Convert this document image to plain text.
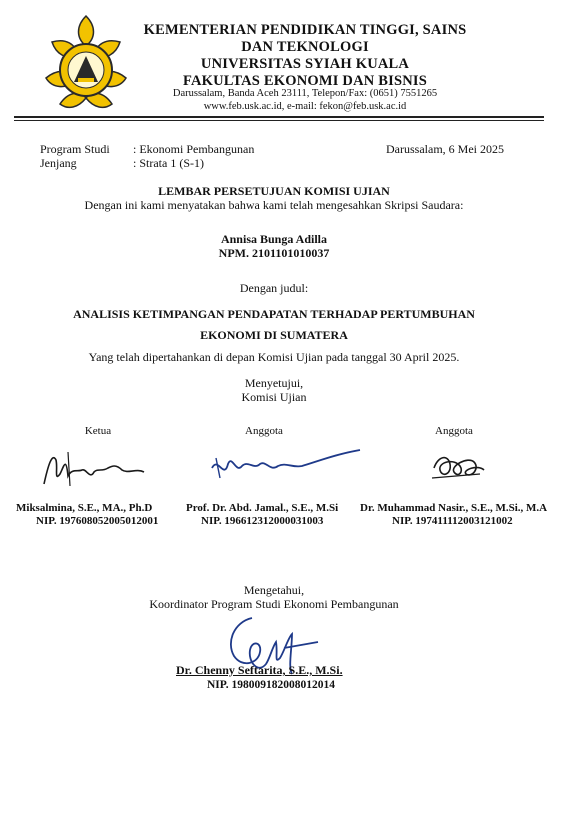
KEMENTERIAN PENDIDIKAN TINGGI, SAINS
DAN TEKNOLOGI
UNIVERSITAS SYIAH KUALA
FAKULTAS EKONOMI DAN BISNIS
Darussalam, Banda Aceh 23111, Telepon/Fax: (0651) 7551265
www.feb.usk.ac.id, e-mail: fekon@feb.usk.ac.id
Program Studi : Ekonomi Pembangunan
Jenjang	: Strata 1 (S-1)
Darussalam, 6 Mei 2025
LEMBAR PERSETUJUAN KOMISI UJIAN
Dengan ini kami menyatakan bahwa kami telah mengesahkan Skripsi Saudara:
Annisa Bunga Adilla
NPM. 2101101010037
Dengan judul:
ANALISIS KETIMPANGAN PENDAPATAN TERHADAP PERTUMBUHAN
EKONOMI DI SUMATERA
Yang telah dipertahankan di depan Komisi Ujian pada tanggal 30 April 2025.
Menyetujui,
Komisi Ujian
Ketua	Anggota	Anggota
Miksalmina, S.E., MA., Ph.D
NIP. 197608052005012001
Prof. Dr. Abd. Jamal., S.E., M.Si
NIP. 196612312000031003
Dr. Muhammad Nasir., S.E., M.Si., M.A
NIP. 197411112003121002
Mengetahui,
Koordinator Program Studi Ekonomi Pembangunan
Dr. Chenny Seftarita, S.E., M.Si.
NIP. 198009182008012014
